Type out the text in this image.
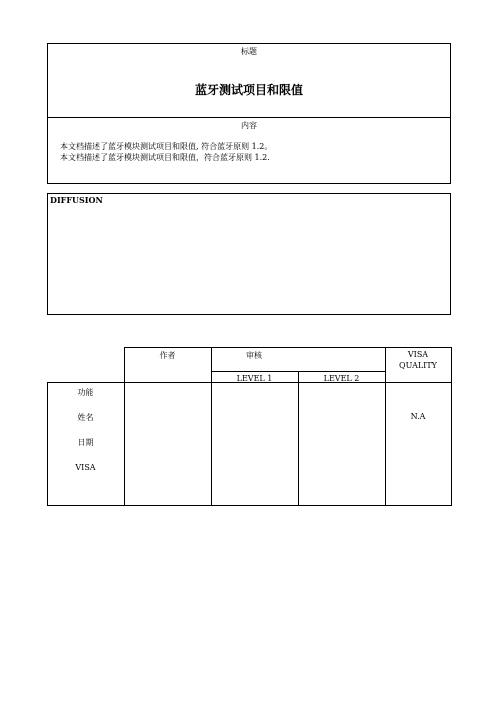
标题
蓝牙测试项目和限值
内容
本文档描述了蓝牙模块测试项目和限值, 符合蓝牙原则 1.2。
本文档描述了蓝牙模块测试项目和限值，符合蓝牙原则 1.2.
DIFFUSION
作者	审核
LEVEL 1	LEVEL 2
VISA
QUALITY
功能
姓名
日期
VISA
N.A
